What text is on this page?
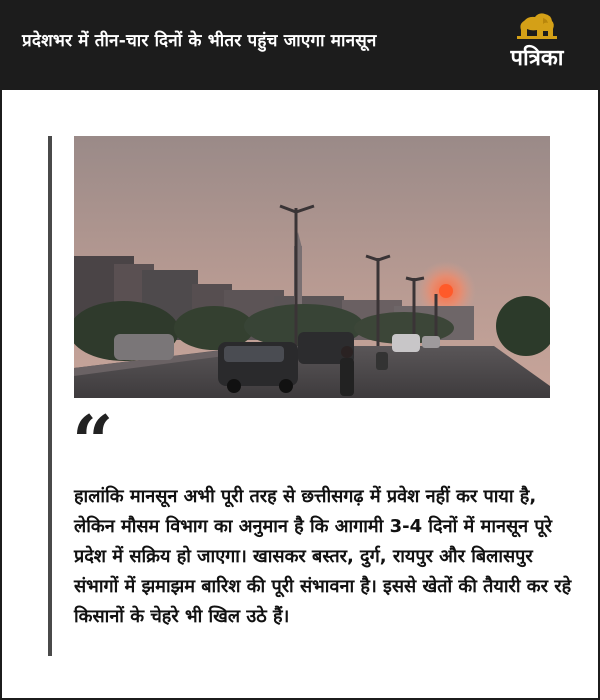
प्रदेशभर में तीन-चार दिनों के भीतर पहुंच जाएगा मानसून
पत्रिका
“
हालांकि मानसून अभी पूरी तरह से छत्तीसगढ़ में प्रवेश नहीं कर पाया है, लेकिन मौसम विभाग का अनुमान है कि आगामी 3-4 दिनों में मानसून पूरे प्रदेश में सक्रिय हो जाएगा। खासकर बस्तर, दुर्ग, रायपुर और बिलासपुर संभागों में झमाझम बारिश की पूरी संभावना है। इससे खेतों की तैयारी कर रहे किसानों के चेहरे भी खिल उठे हैं।
